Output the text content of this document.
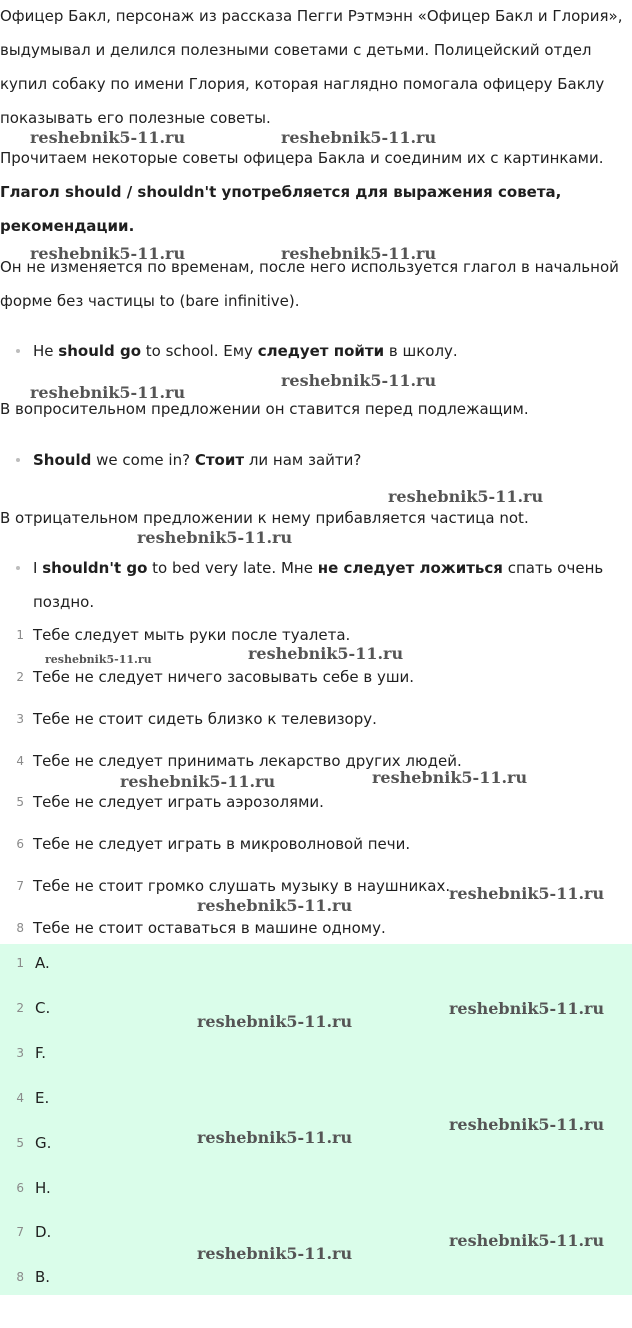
Офицер Бакл, персонаж из рассказа Пегги Рэтмэнн «Офицер Бакл и Глория», выдумывал и делился полезными советами с детьми. Полицейский отдел купил собаку по имени Глория, которая наглядно помогала офицеру Баклу показывать его полезные советы.

Прочитаем некоторые советы офицера Бакла и соединим их с картинками.

Глагол should / shouldn't употребляется для выражения совета, рекомендации.

Он не изменяется по временам, после него используется глагол в начальной форме без частицы to (bare infinitive).

Не should go to school. Ему следует пойти в школу.

В вопросительном предложении он ставится перед подлежащим.

Should we come in? Стоит ли нам зайти?

В отрицательном предложении к нему прибавляется частица not.

I shouldn't go to bed very late. Мне не следует ложиться спать очень поздно.
1 Тебе следует мыть руки после туалета.
2 Тебе не следует ничего засовывать себе в уши.
3 Тебе не стоит сидеть близко к телевизору.
4 Тебе не следует принимать лекарство других людей.
5 Тебе не следует играть аэрозолями.
6 Тебе не следует играть в микроволновой печи.
7 Тебе не стоит громко слушать музыку в наушниках.
8 Тебе не стоит оставаться в машине одному.
1 A.
2 C.
3 F.
4 E.
5 G.
6 H.
7 D.
8 B.
reshebnik5-11.ru	reshebnik5-11.ru
reshebnik5-11.ru	reshebnik5-11.ru
reshebnik5-11.ru
reshebnik5-11.ru
reshebnik5-11.ru
reshebnik5-11.ru
reshebnik5-11.ru	reshebnik5-11.ru
reshebnik5-11.ru
reshebnik5-11.ru
reshebnik5-11.ru
reshebnik5-11.ru
reshebnik5-11.ru
reshebnik5-11.ru
reshebnik5-11.ru
reshebnik5-11.ru
reshebnik5-11.ru
reshebnik5-11.ru
